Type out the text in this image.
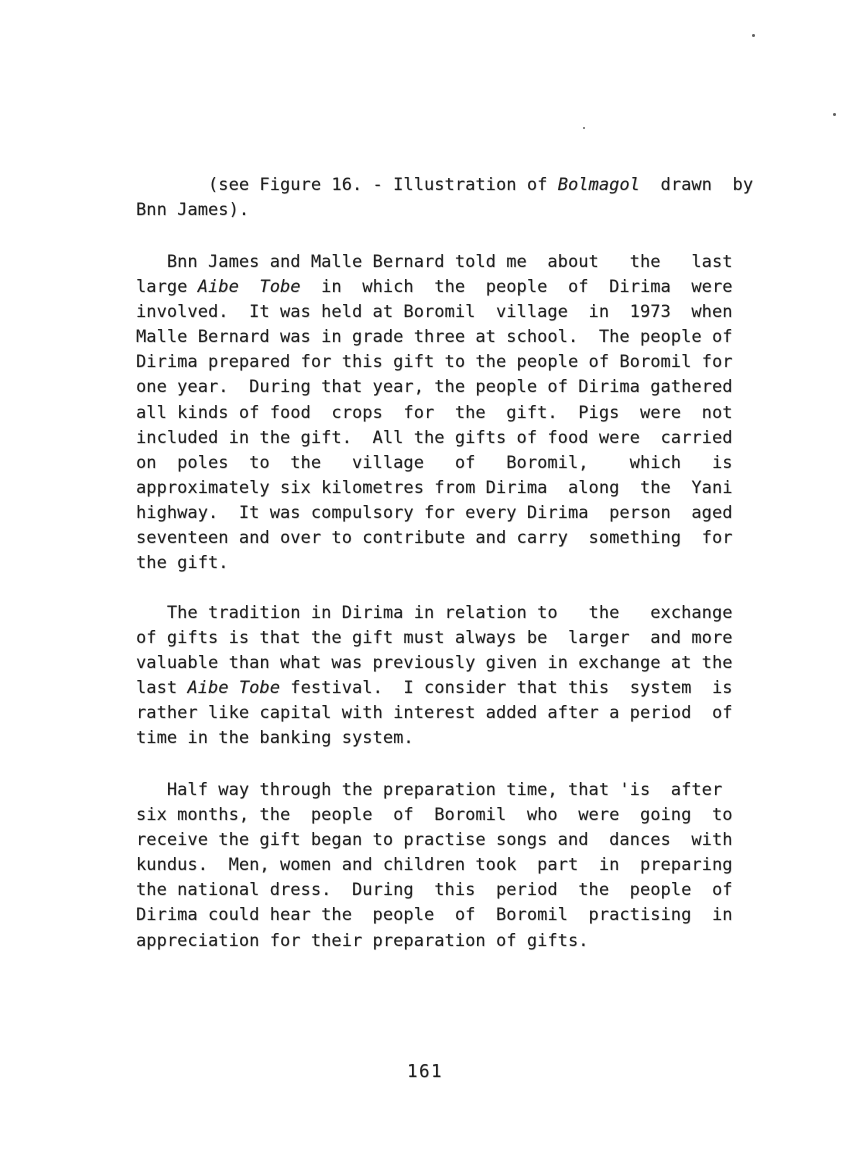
(see Figure 16. - Illustration of Bolmagol  drawn  by
Bnn James).
Bnn James and Malle Bernard told me  about   the   last
large Aibe  Tobe  in  which  the  people  of  Dirima  were
involved.  It was held at Boromil  village  in  1973  when
Malle Bernard was in grade three at school.  The people of
Dirima prepared for this gift to the people of Boromil for
one year.  During that year, the people of Dirima gathered
all kinds of food  crops  for  the  gift.  Pigs  were  not
included in the gift.  All the gifts of food were  carried
on  poles  to  the   village   of   Boromil,    which   is
approximately six kilometres from Dirima  along  the  Yani
highway.  It was compulsory for every Dirima  person  aged
seventeen and over to contribute and carry  something  for
the gift.
The tradition in Dirima in relation to   the   exchange
of gifts is that the gift must always be  larger  and more
valuable than what was previously given in exchange at the
last Aibe Tobe festival.  I consider that this  system  is
rather like capital with interest added after a period  of
time in the banking system.
Half way through the preparation time, that 'is  after
six months, the  people  of  Boromil  who  were  going  to
receive the gift began to practise songs and  dances  with
kundus.  Men, women and children took  part  in  preparing
the national dress.  During  this  period  the  people  of
Dirima could hear the  people  of  Boromil  practising  in
appreciation for their preparation of gifts.
161
